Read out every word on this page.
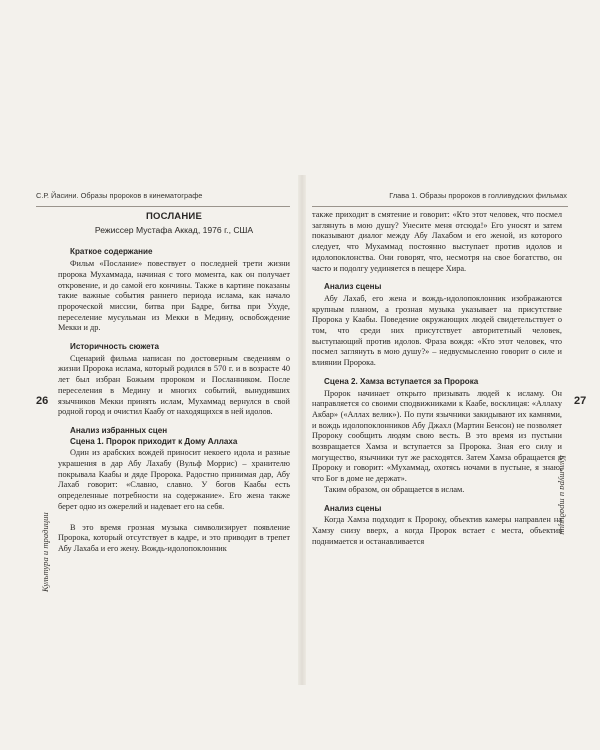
С.Р. Йасини. Образы пророков в кинематографе
ПОСЛАНИЕ
Режиссер Мустафа Аккад, 1976 г., США
Краткое содержание

Фильм «Послание» повествует о последней трети жизни пророка Мухаммада, начиная с того момента, как он получает откровение, и до самой его кончины. Также в картине показаны такие важные события раннего периода ислама, как начало пророческой миссии, битва при Бадре, битва при Ухуде, переселение мусульман из Мекки в Медину, освобождение Мекки и др.

Историчность сюжета

Сценарий фильма написан по достоверным сведениям о жизни Пророка ислама, который родился в 570 г. и в возрасте 40 лет был избран Божьим пророком и Посланником. После переселения в Медину и многих событий, вынудивших язычников Мекки принять ислам, Мухаммад вернулся в свой родной город и очистил Каабу от находящихся в ней идолов.

Анализ избранных сцен
Сцена 1. Пророк приходит к Дому Аллаха

Один из арабских вождей приносит некоего идола и разные украшения в дар Абу Лахабу (Вульф Моррис) – хранителю покрывала Каабы и дяде Пророка. Радостно принимая дар, Абу Лахаб говорит: «Славно, славно. У богов Каабы есть определенные потребности на содержание». Его жена также берет одно из ожерелий и надевает его на себя.

В это время грозная музыка символизирует появление Пророка, который отсутствует в кадре, и это приводит в трепет Абу Лахаба и его жену. Вождь-идолопоклонник

26
Культура и традиции
Глава 1. Образы пророков в голливудских фильмах

также приходит в смятение и говорит: «Кто этот человек, что посмел заглянуть в мою душу? Унесите меня отсюда!» Его уносят и затем показывают диалог между Абу Лахабом и его женой, из которого следует, что Мухаммад постоянно выступает против идолов и идолопоклонства. Они говорят, что, несмотря на свое богатство, он часто и подолгу уединяется в пещере Хира.

Анализ сцены

Абу Лахаб, его жена и вождь-идолопоклонник изображаются крупным планом, а грозная музыка указывает на присутствие Пророка у Каабы. Поведение окружающих людей свидетельствует о том, что среди них присутствует авторитетный человек, выступающий против идолов. Фраза вождя: «Кто этот человек, что посмел заглянуть в мою душу?» – недвусмысленно говорит о силе и влиянии Пророка.

Сцена 2. Хамза вступается за Пророка

Пророк начинает открыто призывать людей к исламу. Он направляется со своими сподвижниками к Каабе, восклицая: «Аллаху Акбар» («Аллах велик»). По пути язычники закидывают их камнями, и вождь идолопоклонников Абу Джахл (Мартин Бенсон) не позволяет Пророку сообщить людям свою весть. В это время из пустыни возвращается Хамза и вступается за Пророка. Зная его силу и могущество, язычники тут же расходятся. Затем Хамза обращается к Пророку и говорит: «Мухаммад, охотясь ночами в пустыне, я знаю, что Бог в доме не держат».

Таким образом, он обращается в ислам.

Анализ сцены

Когда Хамза подходит к Пророку, объектив камеры направлен на Хамзу снизу вверх, а когда Пророк встает с места, объектив поднимается и останавливается

27
Культура и традиции
